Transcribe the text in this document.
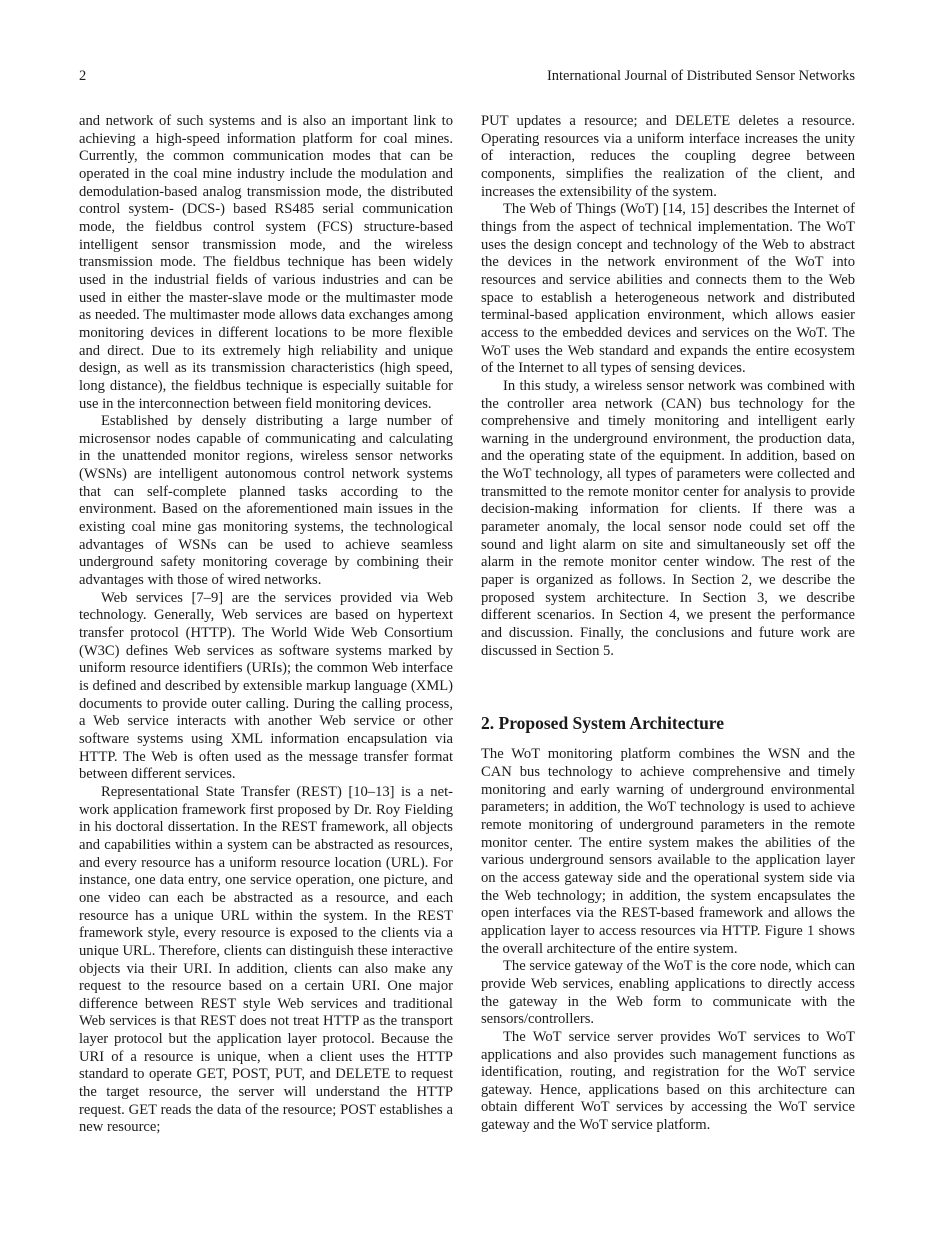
2	International Journal of Distributed Sensor Networks

and network of such systems and is also an important link to achieving a high-speed information platform for coal mines. Currently, the common communication modes that can be operated in the coal mine industry include the modulation and demodulation-based analog transmission mode, the distributed control system- (DCS-) based RS485 serial communication mode, the fieldbus control system (FCS) structure-based intelligent sensor transmission mode, and the wireless transmission mode. The fieldbus technique has been widely used in the industrial fields of various industries and can be used in either the master-slave mode or the multimaster mode as needed. The multimaster mode allows data exchanges among monitoring devices in different locations to be more flexible and direct. Due to its extremely high reliability and unique design, as well as its transmission characteristics (high speed, long distance), the fieldbus technique is especially suitable for use in the interconnection between field monitoring devices.

Established by densely distributing a large number of microsensor nodes capable of communicating and calculating in the unattended monitor regions, wireless sensor networks (WSNs) are intelligent autonomous control network systems that can self-complete planned tasks according to the environment. Based on the aforementioned main issues in the existing coal mine gas monitoring systems, the technological advantages of WSNs can be used to achieve seamless underground safety monitoring coverage by combining their advantages with those of wired networks.

Web services [7–9] are the services provided via Web technology. Generally, Web services are based on hypertext transfer protocol (HTTP). The World Wide Web Consortium (W3C) defines Web services as software systems marked by uniform resource identifiers (URIs); the common Web interface is defined and described by extensible markup language (XML) documents to provide outer calling. During the calling process, a Web service interacts with another Web service or other software systems using XML information encapsulation via HTTP. The Web is often used as the message transfer format between different services.

Representational State Transfer (REST) [10–13] is a network application framework first proposed by Dr. Roy Fielding in his doctoral dissertation. In the REST framework, all objects and capabilities within a system can be abstracted as resources, and every resource has a uniform resource location (URL). For instance, one data entry, one service operation, one picture, and one video can each be abstracted as a resource, and each resource has a unique URL within the system. In the REST framework style, every resource is exposed to the clients via a unique URL. Therefore, clients can distinguish these interactive objects via their URI. In addition, clients can also make any request to the resource based on a certain URI. One major difference between REST style Web services and traditional Web services is that REST does not treat HTTP as the transport layer protocol but the application layer protocol. Because the URI of a resource is unique, when a client uses the HTTP standard to operate GET, POST, PUT, and DELETE to request the target resource, the server will understand the HTTP request. GET reads the data of the resource; POST establishes a new resource;

PUT updates a resource; and DELETE deletes a resource. Operating resources via a uniform interface increases the unity of interaction, reduces the coupling degree between components, simplifies the realization of the client, and increases the extensibility of the system.

The Web of Things (WoT) [14, 15] describes the Internet of things from the aspect of technical implementation. The WoT uses the design concept and technology of the Web to abstract the devices in the network environment of the WoT into resources and service abilities and connects them to the Web space to establish a heterogeneous network and distributed terminal-based application environment, which allows easier access to the embedded devices and services on the WoT. The WoT uses the Web standard and expands the entire ecosystem of the Internet to all types of sensing devices.

In this study, a wireless sensor network was combined with the controller area network (CAN) bus technology for the comprehensive and timely monitoring and intelligent early warning in the underground environment, the production data, and the operating state of the equipment. In addition, based on the WoT technology, all types of parameters were collected and transmitted to the remote monitor center for analysis to provide decision-making information for clients. If there was a parameter anomaly, the local sensor node could set off the sound and light alarm on site and simultaneously set off the alarm in the remote monitor center window. The rest of the paper is organized as follows. In Section 2, we describe the proposed system architecture. In Section 3, we describe different scenarios. In Section 4, we present the performance and discussion. Finally, the conclusions and future work are discussed in Section 5.

2. Proposed System Architecture

The WoT monitoring platform combines the WSN and the CAN bus technology to achieve comprehensive and timely monitoring and early warning of underground environmental parameters; in addition, the WoT technology is used to achieve remote monitoring of underground parameters in the remote monitor center. The entire system makes the abilities of the various underground sensors available to the application layer on the access gateway side and the operational system side via the Web technology; in addition, the system encapsulates the open interfaces via the REST-based framework and allows the application layer to access resources via HTTP. Figure 1 shows the overall architecture of the entire system.

The service gateway of the WoT is the core node, which can provide Web services, enabling applications to directly access the gateway in the Web form to communicate with the sensors/controllers.

The WoT service server provides WoT services to WoT applications and also provides such management functions as identification, routing, and registration for the WoT service gateway. Hence, applications based on this architecture can obtain different WoT services by accessing the WoT service gateway and the WoT service platform.
